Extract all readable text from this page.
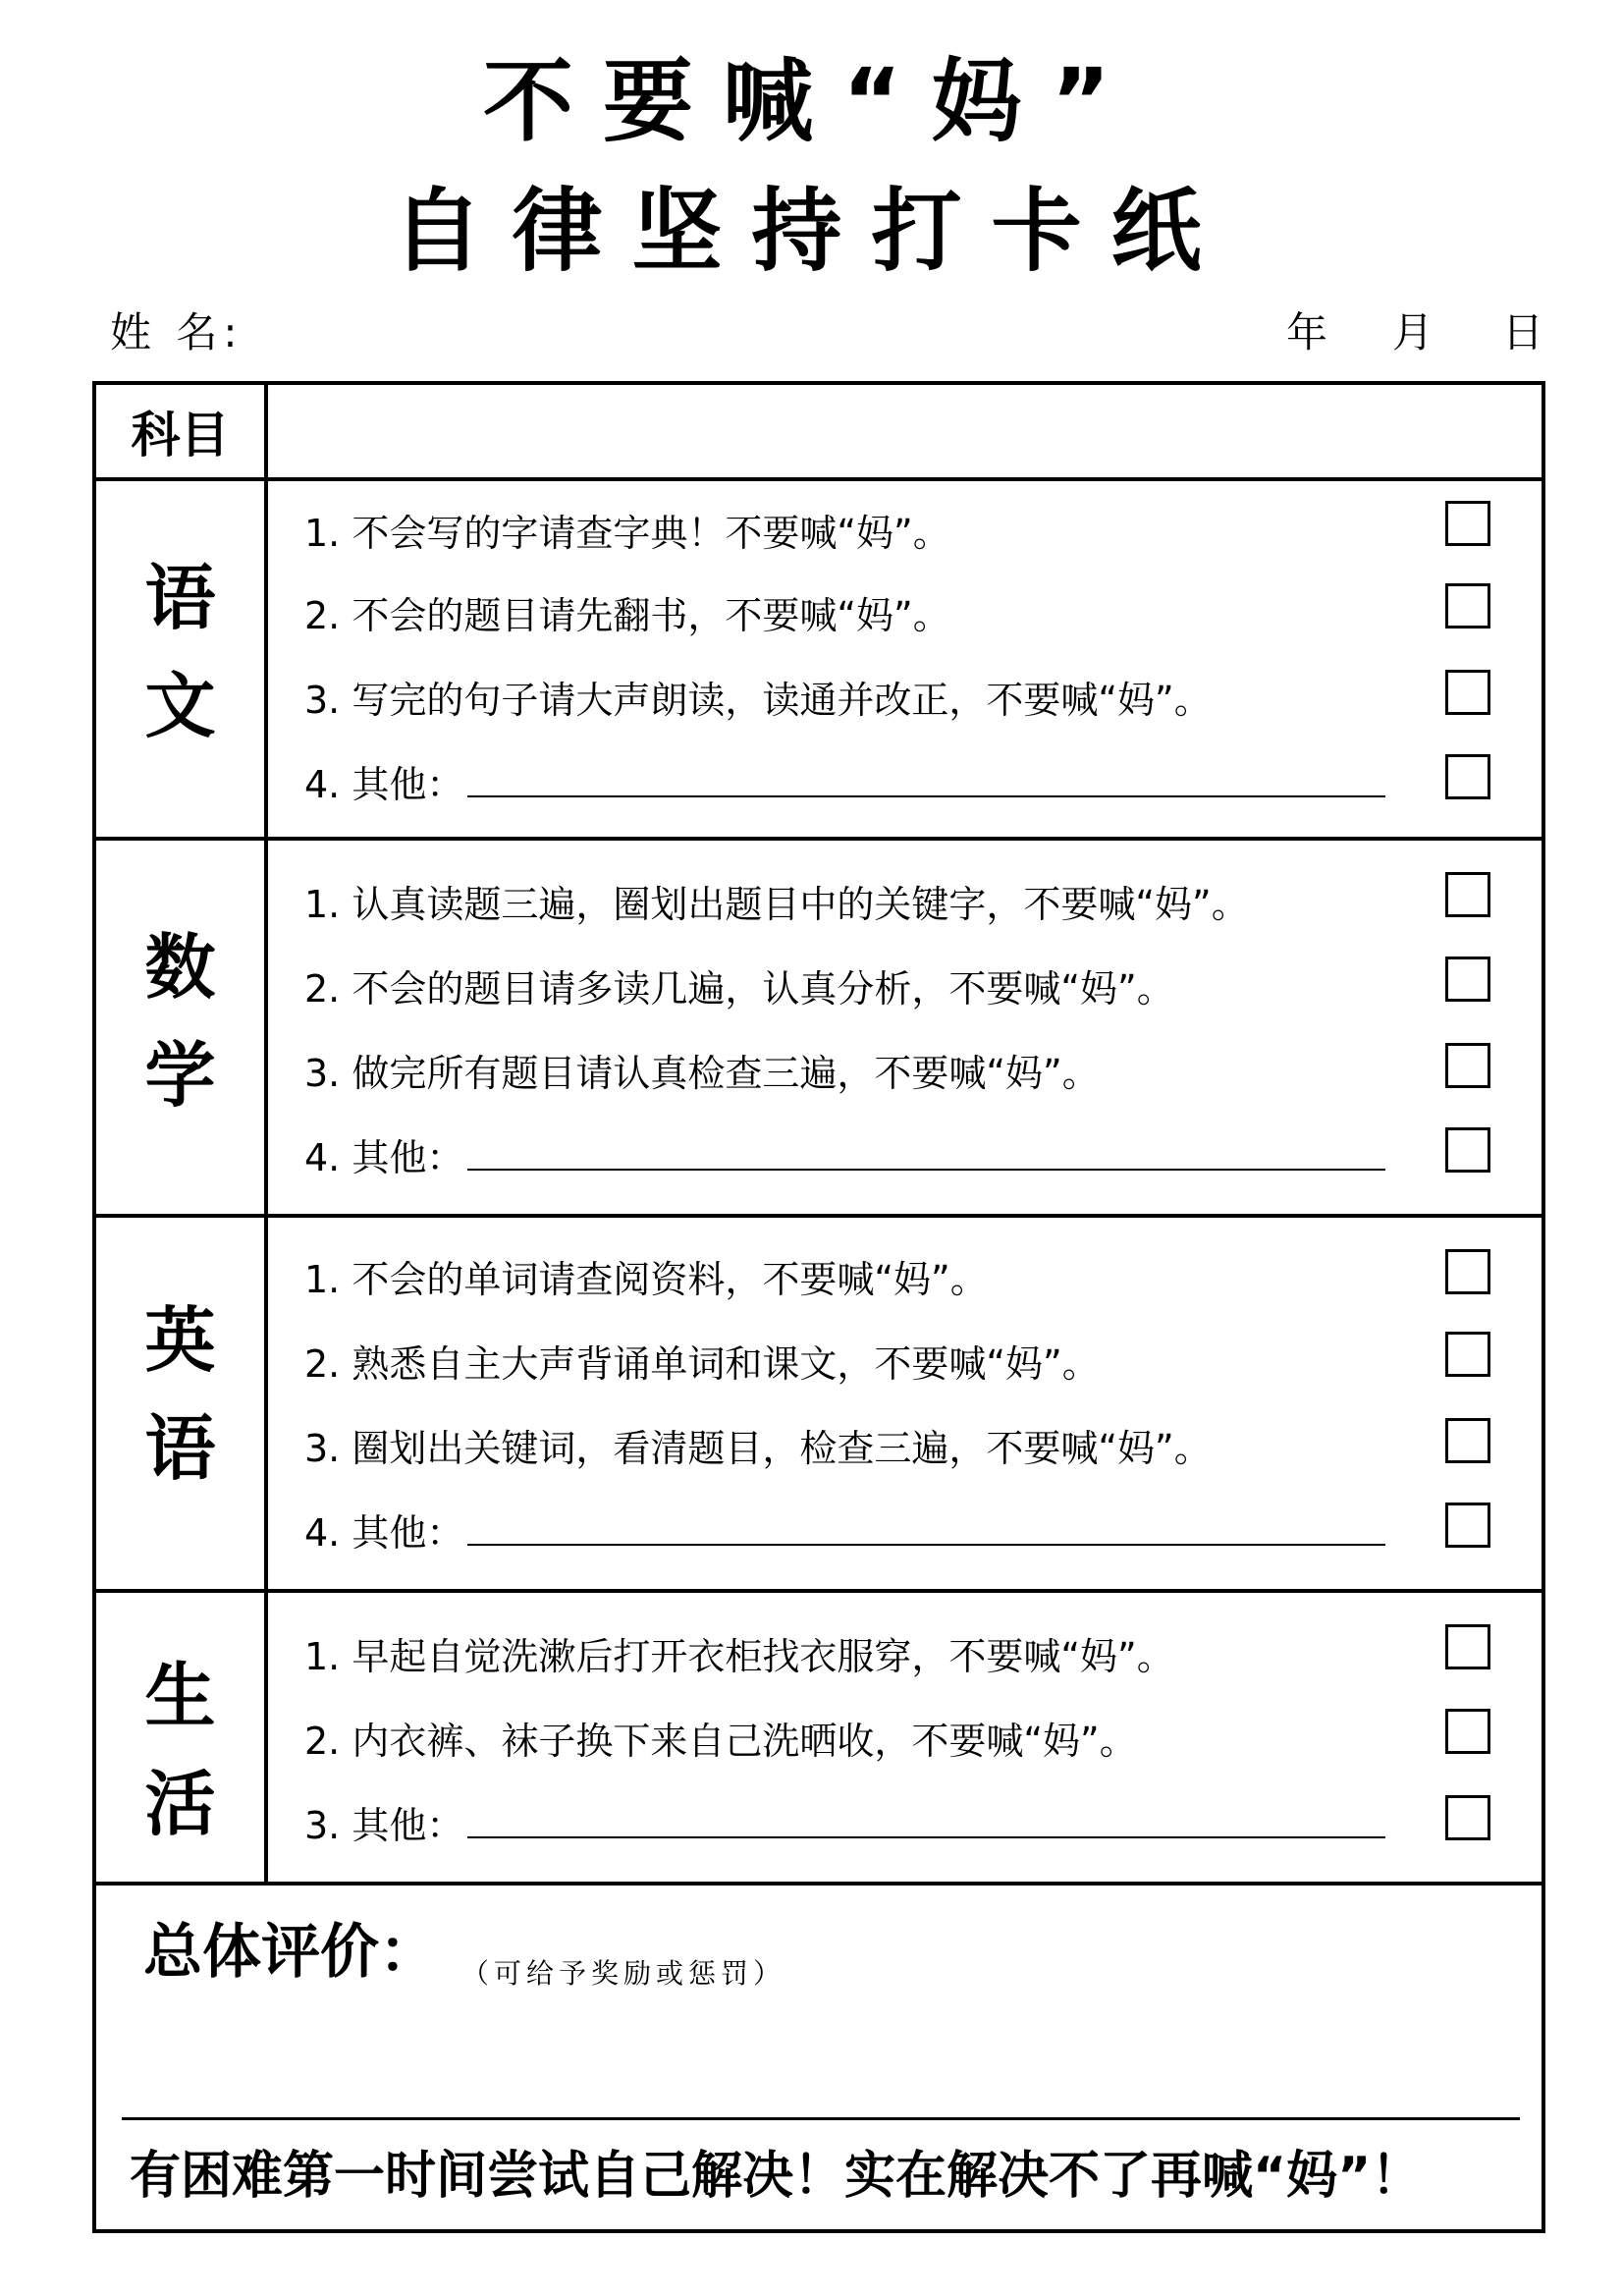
不要喊“妈”
自律坚持打卡纸
姓 名:	年 月 日
科目
语
文
1. 不会写的字请查字典！不要喊“妈”。
2. 不会的题目请先翻书，不要喊“妈”。
3. 写完的句子请大声朗读，读通并改正，不要喊“妈”。
4. 其他：
数
学
1. 认真读题三遍，圈划出题目中的关键字，不要喊“妈”。
2. 不会的题目请多读几遍，认真分析，不要喊“妈”。
3. 做完所有题目请认真检查三遍，不要喊“妈”。
4. 其他：
英
语
1. 不会的单词请查阅资料，不要喊“妈”。
2. 熟悉自主大声背诵单词和课文，不要喊“妈”。
3. 圈划出关键词，看清题目，检查三遍，不要喊“妈”。
4. 其他：
生
活
1. 早起自觉洗漱后打开衣柜找衣服穿，不要喊“妈”。
2. 内衣裤、袜子换下来自己洗晒收，不要喊“妈”。
3. 其他：
总体评价： （可给予奖励或惩罚）
有困难第一时间尝试自己解决！实在解决不了再喊“妈”！
